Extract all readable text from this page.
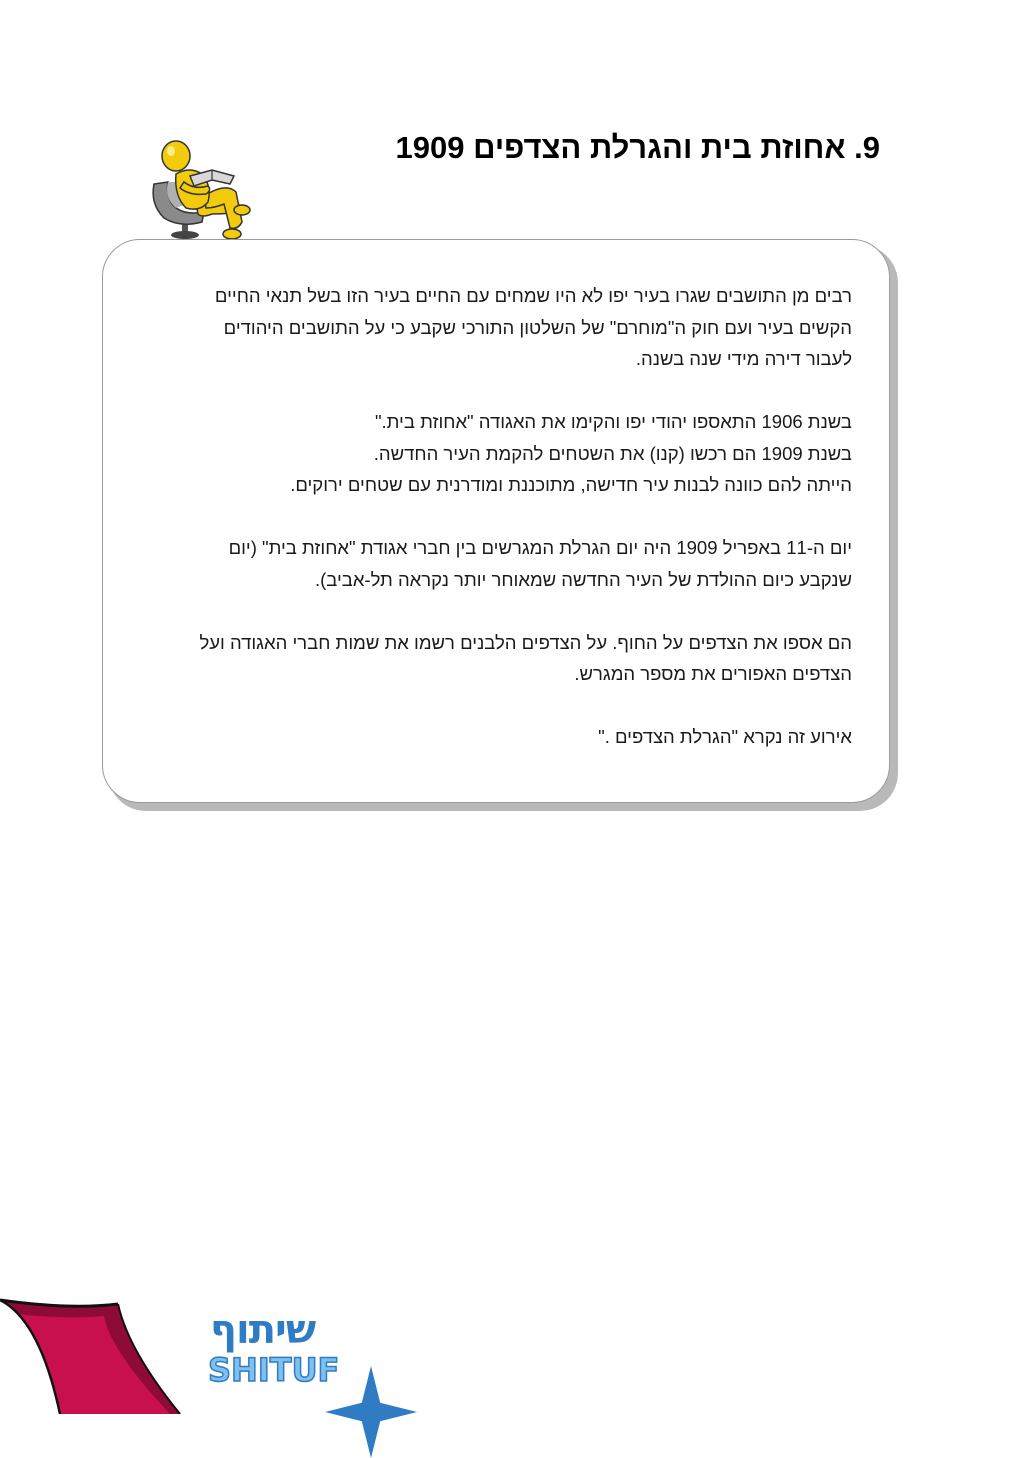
9. אחוזת בית והגרלת הצדפים 1909

רבים מן התושבים שגרו בעיר יפו לא היו שמחים עם החיים בעיר הזו בשל תנאי החיים
הקשים בעיר ועם חוק ה"מוחרם" של השלטון התורכי שקבע כי על התושבים היהודים
לעבור דירה מידי שנה בשנה.

בשנת 1906 התאספו יהודי יפו והקימו את האגודה "אחוזת בית."
בשנת 1909 הם רכשו (קנו) את השטחים להקמת העיר החדשה.
הייתה להם כוונה לבנות עיר חדישה, מתוכננת ומודרנית עם שטחים ירוקים.

יום ה-11 באפריל 1909 היה יום הגרלת המגרשים בין חברי אגודת "אחוזת בית" (יום
שנקבע כיום ההולדת של העיר החדשה שמאוחר יותר נקראה תל-אביב).

הם אספו את הצדפים על החוף. על הצדפים הלבנים רשמו את שמות חברי האגודה ועל
הצדפים האפורים את מספר המגרש.

אירוע זה נקרא "הגרלת הצדפים ."

שיתוף
SHITUF
